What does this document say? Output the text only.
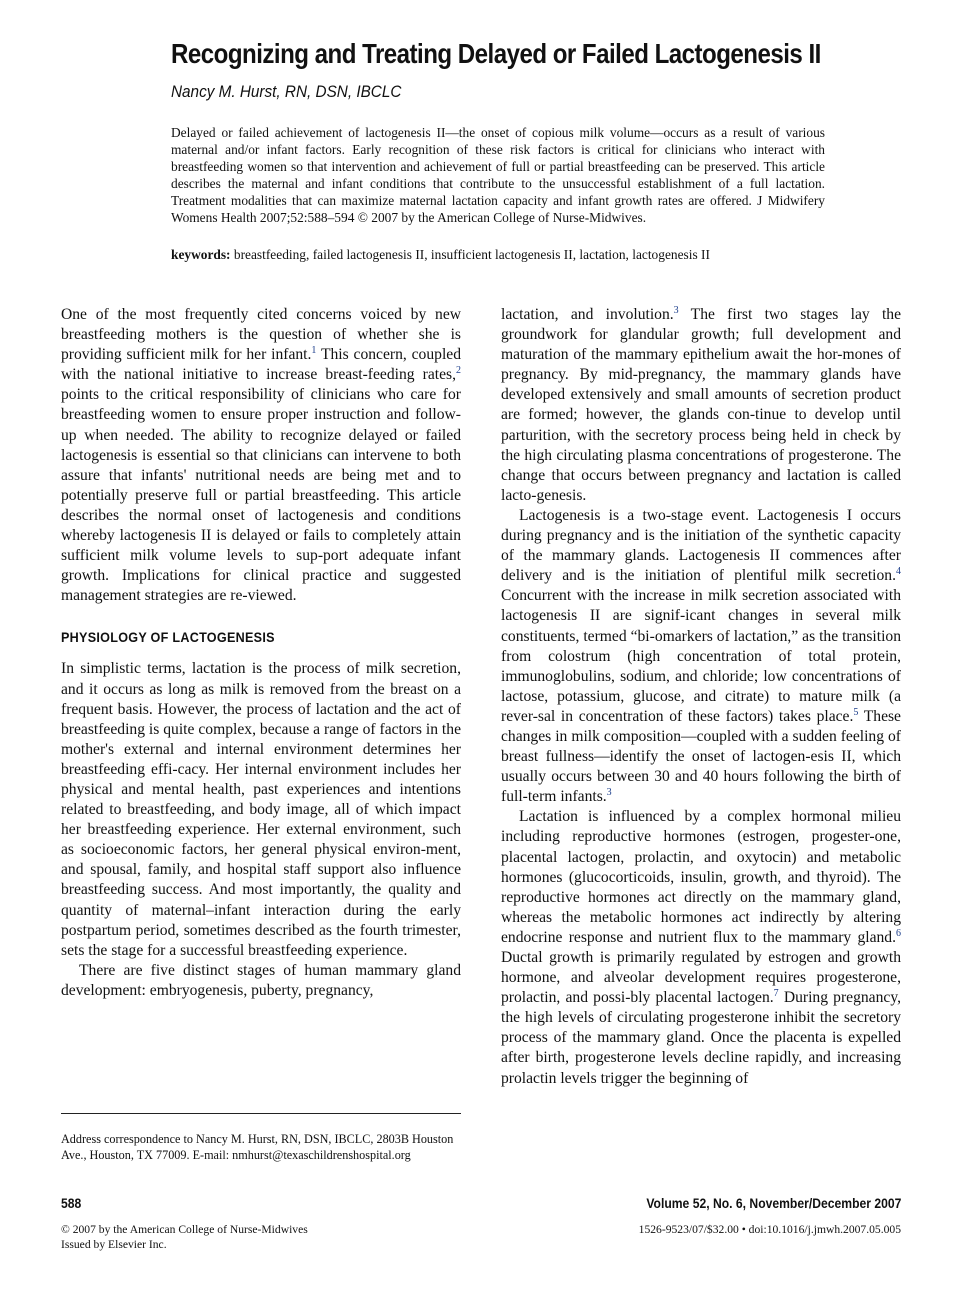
Recognizing and Treating Delayed or Failed Lactogenesis II
Nancy M. Hurst, RN, DSN, IBCLC

Delayed or failed achievement of lactogenesis II—the onset of copious milk volume—occurs as a result of various maternal and/or infant factors. Early recognition of these risk factors is critical for clinicians who interact with breastfeeding women so that intervention and achievement of full or partial breastfeeding can be preserved. This article describes the maternal and infant conditions that contribute to the unsuccessful establishment of a full lactation. Treatment modalities that can maximize maternal lactation capacity and infant growth rates are offered. J Midwifery Womens Health 2007;52:588–594 © 2007 by the American College of Nurse-Midwives.

keywords: breastfeeding, failed lactogenesis II, insufficient lactogenesis II, lactation, lactogenesis II

One of the most frequently cited concerns voiced by new breastfeeding mothers is the question of whether she is providing sufficient milk for her infant.$^1$ This concern, coupled with the national initiative to increase breast-feeding rates,$^2$ points to the critical responsibility of clinicians who care for breastfeeding women to ensure proper instruction and follow-up when needed. The ability to recognize delayed or failed lactogenesis is essential so that clinicians can intervene to both assure that infants' nutritional needs are being met and to potentially preserve full or partial breastfeeding. This article describes the normal onset of lactogenesis and conditions whereby lactogenesis II is delayed or fails to completely attain sufficient milk volume levels to sup-port adequate infant growth. Implications for clinical practice and suggested management strategies are re-viewed.

PHYSIOLOGY OF LACTOGENESIS

In simplistic terms, lactation is the process of milk secretion, and it occurs as long as milk is removed from the breast on a frequent basis. However, the process of lactation and the act of breastfeeding is quite complex, because a range of factors in the mother's external and internal environment determines her breastfeeding effi-cacy. Her internal environment includes her physical and mental health, past experiences and intentions related to breastfeeding, and body image, all of which impact her breastfeeding experience. Her external environment, such as socioeconomic factors, her general physical environ-ment, and spousal, family, and hospital staff support also influence breastfeeding success. And most importantly, the quality and quantity of maternal–infant interaction during the early postpartum period, sometimes described as the fourth trimester, sets the stage for a successful breastfeeding experience.

There are five distinct stages of human mammary gland development: embryogenesis, puberty, pregnancy,

lactation, and involution.$^3$ The first two stages lay the groundwork for glandular growth; full development and maturation of the mammary epithelium await the hor-mones of pregnancy. By mid-pregnancy, the mammary glands have developed extensively and small amounts of secretion product are formed; however, the glands con-tinue to develop until parturition, with the secretory process being held in check by the high circulating plasma concentrations of progesterone. The change that occurs between pregnancy and lactation is called lacto-genesis.

Lactogenesis is a two-stage event. Lactogenesis I occurs during pregnancy and is the initiation of the synthetic capacity of the mammary glands. Lactogenesis II commences after delivery and is the initiation of plentiful milk secretion.$^4$ Concurrent with the increase in milk secretion associated with lactogenesis II are signif-icant changes in several milk constituents, termed “bi-omarkers of lactation,” as the transition from colostrum (high concentration of total protein, immunoglobulins, sodium, and chloride; low concentrations of lactose, potassium, glucose, and citrate) to mature milk (a rever-sal in concentration of these factors) takes place.$^5$ These changes in milk composition—coupled with a sudden feeling of breast fullness—identify the onset of lactogen-esis II, which usually occurs between 30 and 40 hours following the birth of full-term infants.$^3$

Lactation is influenced by a complex hormonal milieu including reproductive hormones (estrogen, progester-one, placental lactogen, prolactin, and oxytocin) and metabolic hormones (glucocorticoids, insulin, growth, and thyroid). The reproductive hormones act directly on the mammary gland, whereas the metabolic hormones act indirectly by altering endocrine response and nutrient flux to the mammary gland.$^6$ Ductal growth is primarily regulated by estrogen and growth hormone, and alveolar development requires progesterone, prolactin, and possi-bly placental lactogen.$^7$ During pregnancy, the high levels of circulating progesterone inhibit the secretory process of the mammary gland. Once the placenta is expelled after birth, progesterone levels decline rapidly, and increasing prolactin levels trigger the beginning of

Address correspondence to Nancy M. Hurst, RN, DSN, IBCLC, 2803B Houston Ave., Houston, TX 77009. E-mail: nmhurst@texaschildrenshospital.org

588	Volume 52, No. 6, November/December 2007
© 2007 by the American College of Nurse-Midwives
Issued by Elsevier Inc.
1526-9523/07/$32.00 • doi:10.1016/j.jmwh.2007.05.005
